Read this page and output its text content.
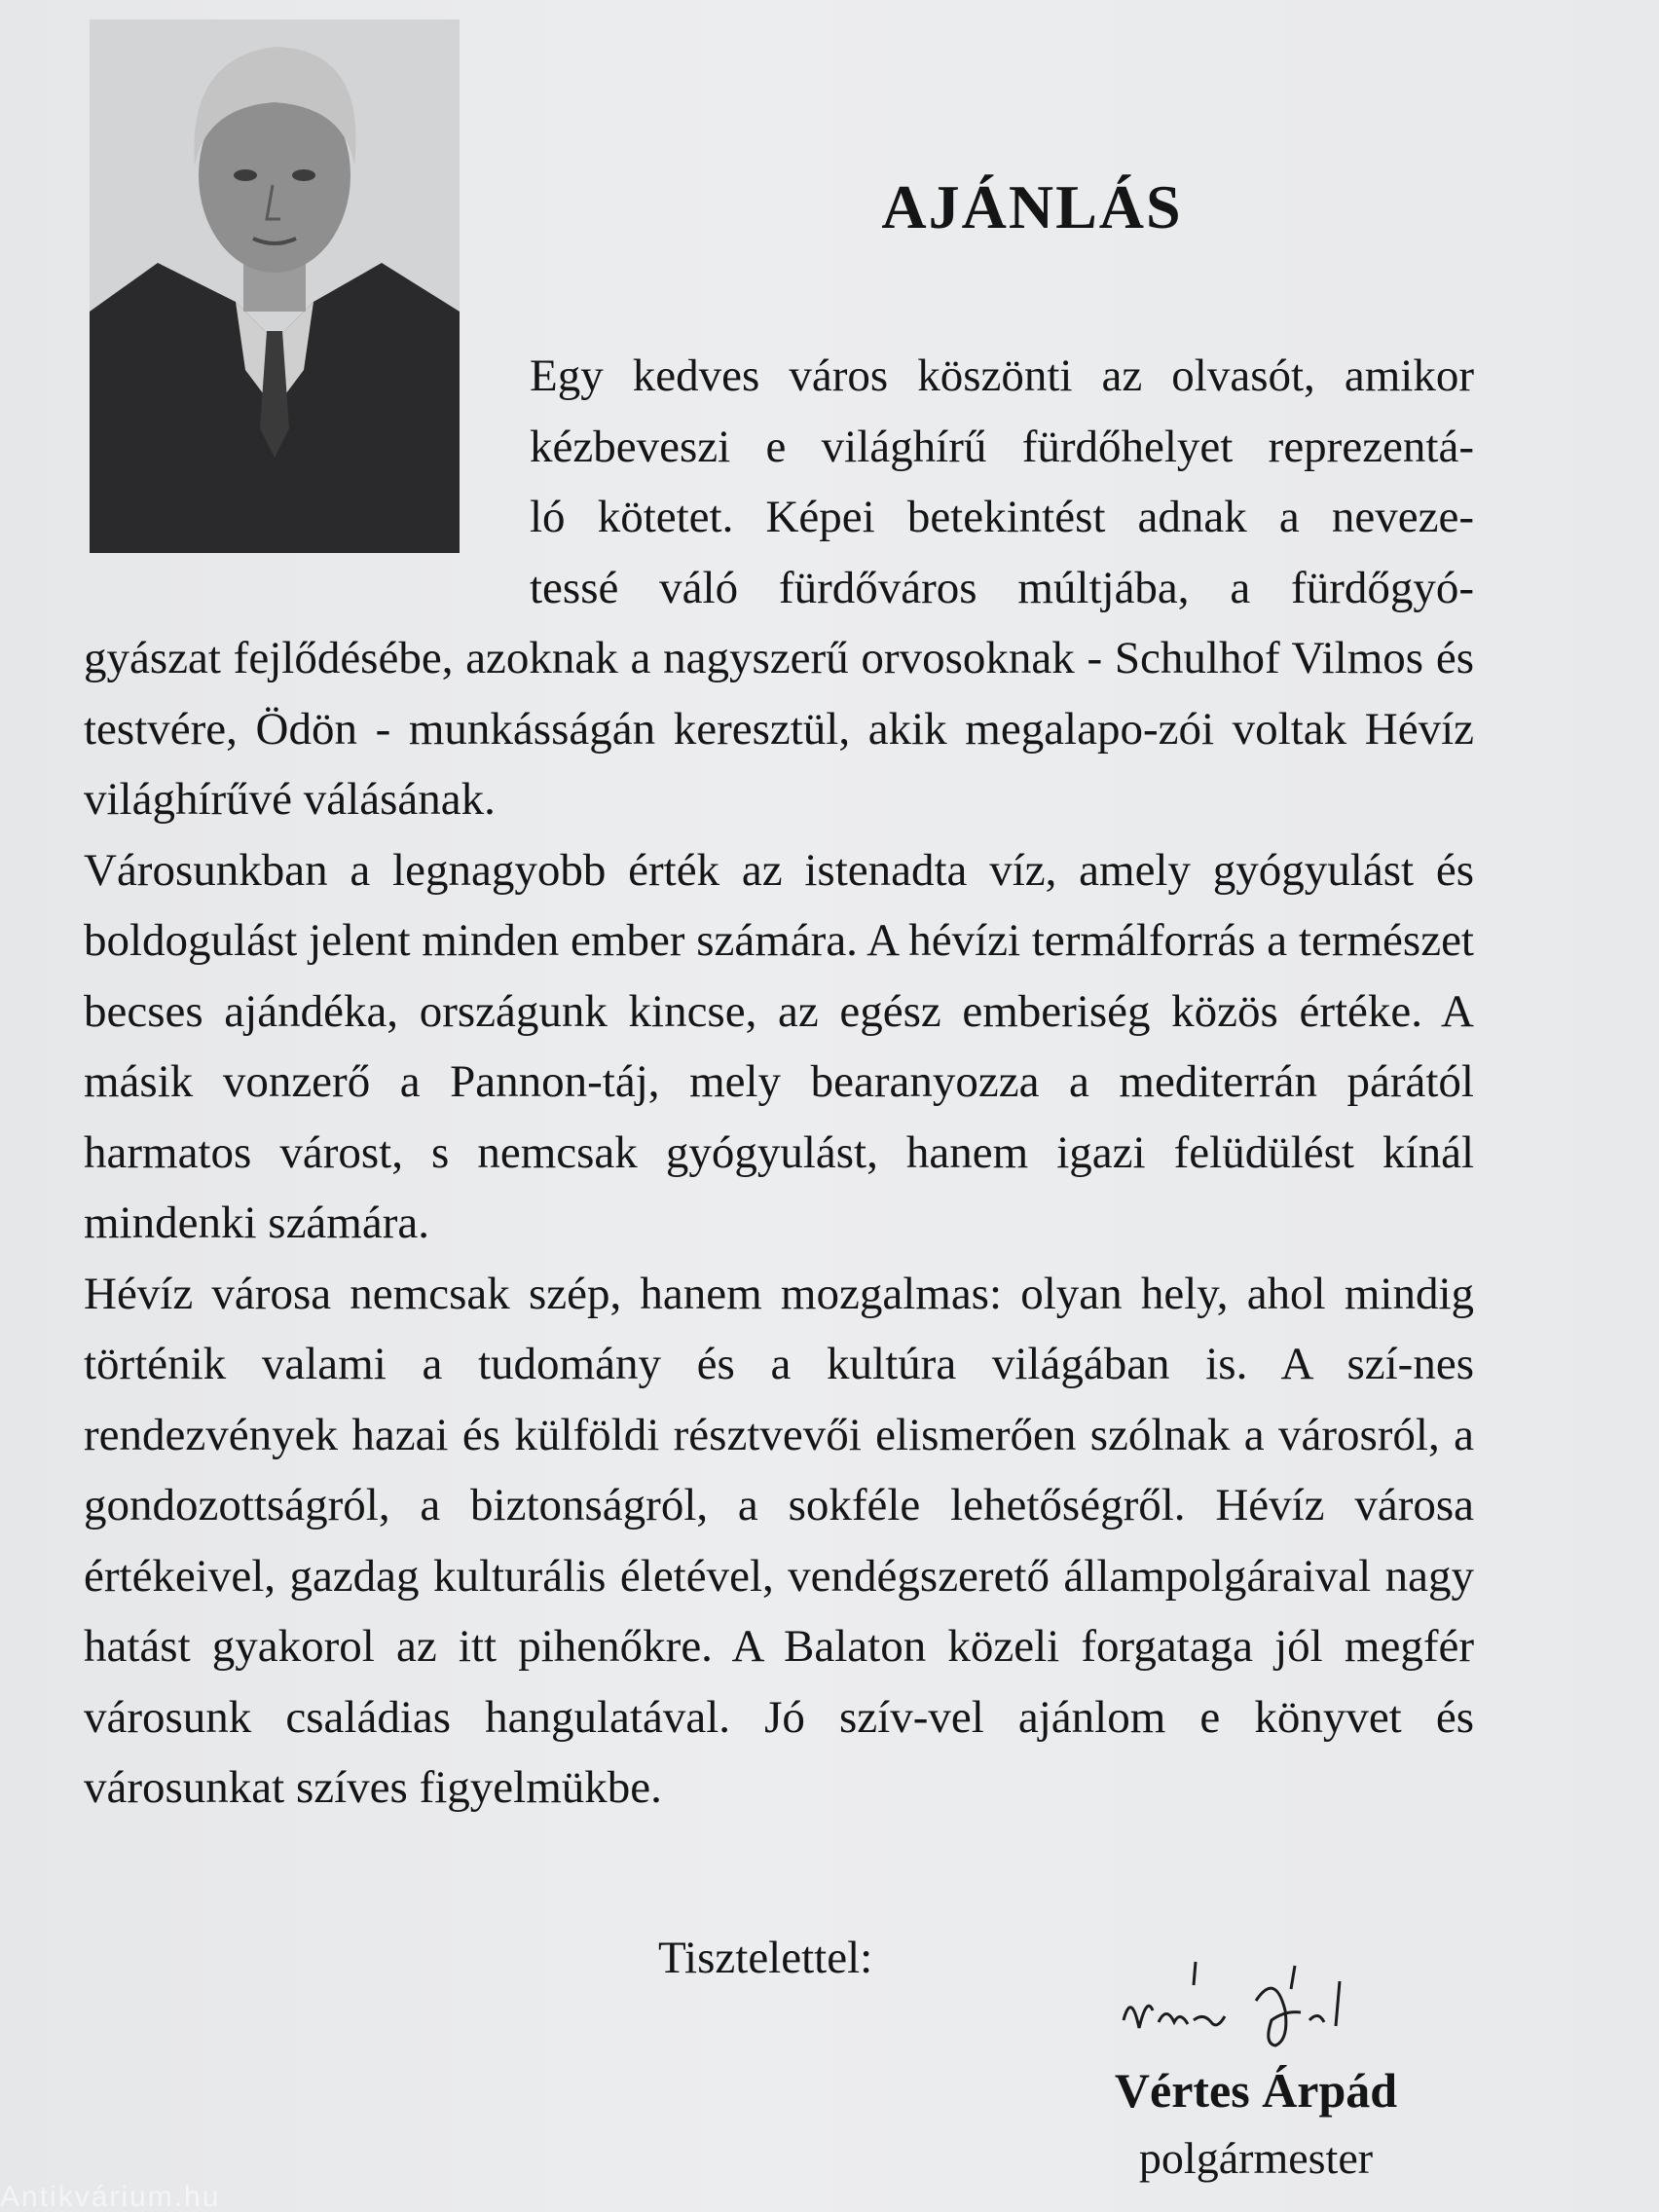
AJÁNLÁS
Egy kedves város köszönti az olvasót, amikor
kézbeveszi e világhírű fürdőhelyet reprezentá-
ló kötetet. Képei betekintést adnak a neveze-
tessé váló fürdőváros múltjába, a fürdőgyó-

gyászat fejlődésébe, azoknak a nagyszerű orvosoknak - Schulhof Vilmos és testvére, Ödön - munkásságán keresztül, akik megalapo-zói voltak Hévíz világhírűvé válásának.

Városunkban a legnagyobb érték az istenadta víz, amely gyógyulást és boldogulást jelent minden ember számára. A hévízi termálforrás a természet becses ajándéka, országunk kincse, az egész emberiség közös értéke. A másik vonzerő a Pannon-táj, mely bearanyozza a mediterrán párától harmatos várost, s nemcsak gyógyulást, hanem igazi felüdülést kínál mindenki számára.

Hévíz városa nemcsak szép, hanem mozgalmas: olyan hely, ahol mindig történik valami a tudomány és a kultúra világában is. A szí-nes rendezvények hazai és külföldi résztvevői elismerően szólnak a városról, a gondozottságról, a biztonságról, a sokféle lehetőségről. Hévíz városa értékeivel, gazdag kulturális életével, vendégszerető állampolgáraival nagy hatást gyakorol az itt pihenőkre. A Balaton közeli forgataga jól megfér városunk családias hangulatával. Jó szív-vel ajánlom e könyvet és városunkat szíves figyelmükbe.

Tisztelettel:
Vértes Árpád
polgármester
Antikvárium.hu
